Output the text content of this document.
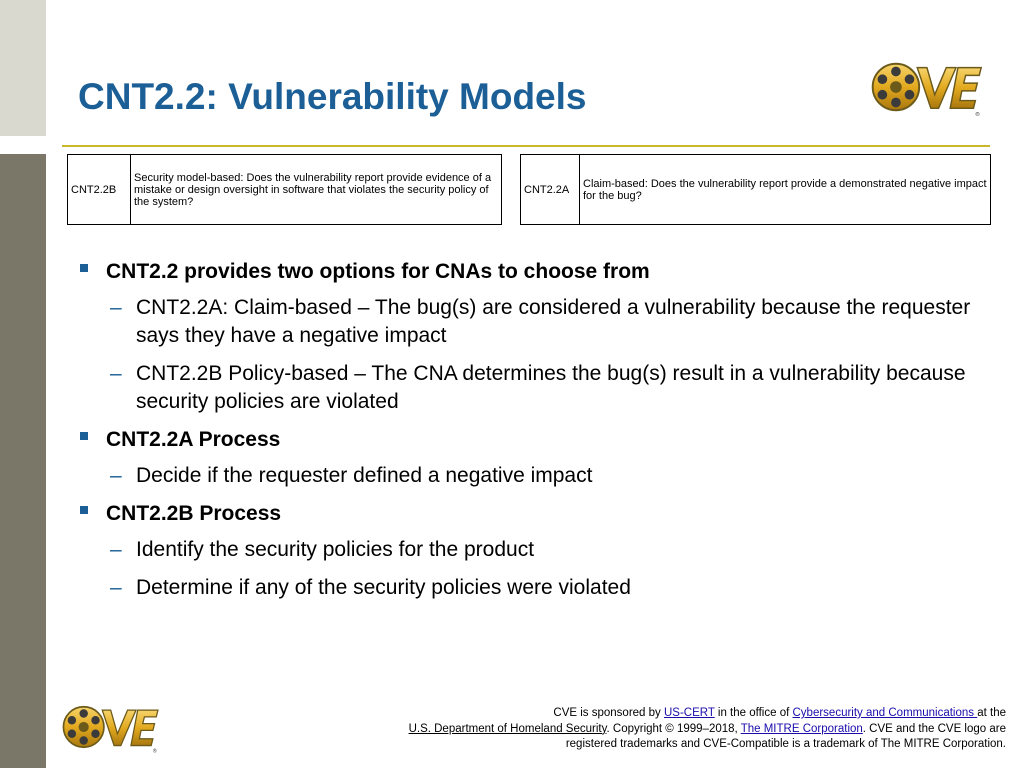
CNT2.2: Vulnerability Models	®
CNT2.2B
Security model-based: Does the vulnerability report provide evidence of a mistake or design oversight in software that violates the security policy of the system?
CNT2.2A	Claim-based: Does the vulnerability report provide a demonstrated negative impact for the bug?
CNT2.2 provides two options for CNAs to choose from
– CNT2.2A: Claim-based – The bug(s) are considered a vulnerability because the requester says they have a negative impact
– CNT2.2B Policy-based – The CNA determines the bug(s) result in a vulnerability because security policies are violated
CNT2.2A Process
– Decide if the requester defined a negative impact
CNT2.2B Process
– Identify the security policies for the product
– Determine if any of the security policies were violated
®
CVE is sponsored by US-CERT in the office of Cybersecurity and Communications at the
U.S. Department of Homeland Security. Copyright © 1999–2018, The MITRE Corporation. CVE and the CVE logo are registered trademarks and CVE-Compatible is a trademark of The MITRE Corporation.
